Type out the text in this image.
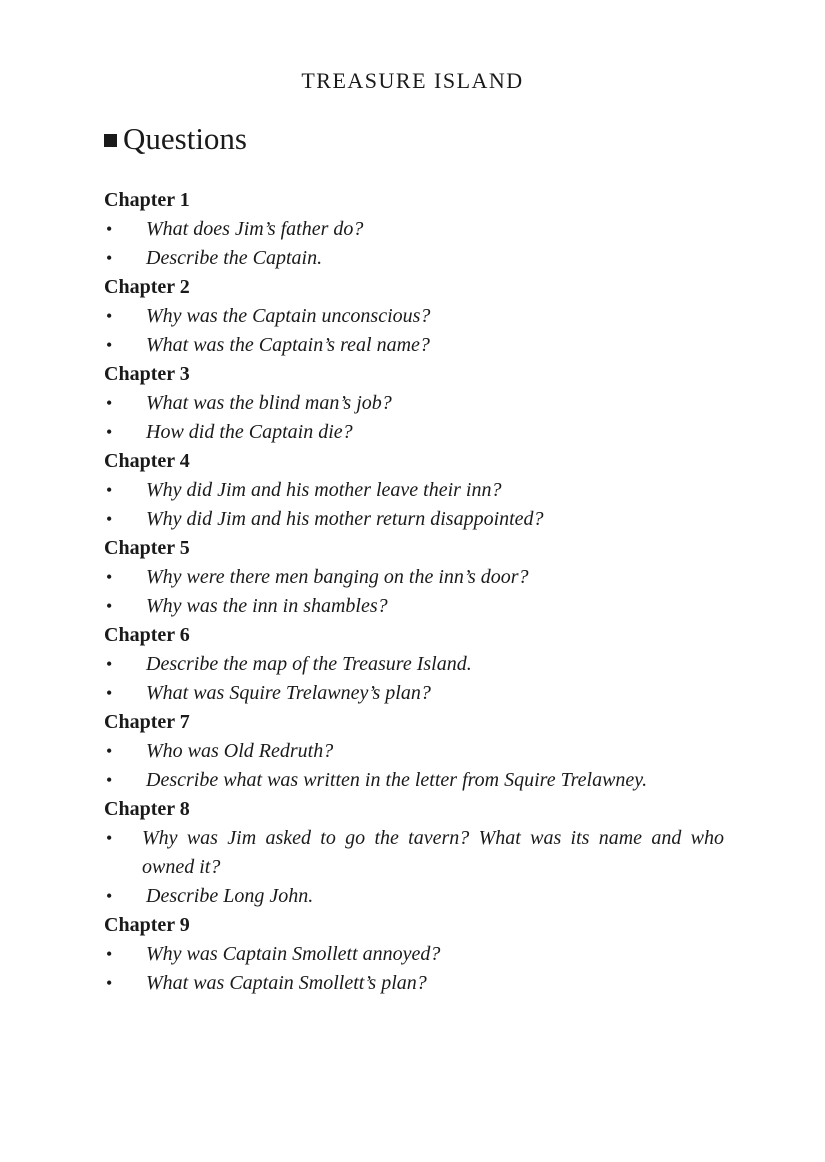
TREASURE ISLAND
Questions

Chapter 1

• What does Jim’s father do?
• Describe the Captain.

Chapter 2

• Why was the Captain unconscious?
• What was the Captain’s real name?

Chapter 3

• What was the blind man’s job?
• How did the Captain die?

Chapter 4

• Why did Jim and his mother leave their inn?
• Why did Jim and his mother return disappointed?

Chapter 5

• Why were there men banging on the inn’s door?
• Why was the inn in shambles?

Chapter 6

• Describe the map of the Treasure Island.
• What was Squire Trelawney’s plan?

Chapter 7

• Who was Old Redruth?
• Describe what was written in the letter from Squire Trelawney.

Chapter 8

• Why was Jim asked to go the tavern? What was its name and who owned it?
• Describe Long John.

Chapter 9

• Why was Captain Smollett annoyed?
• What was Captain Smollett’s plan?
